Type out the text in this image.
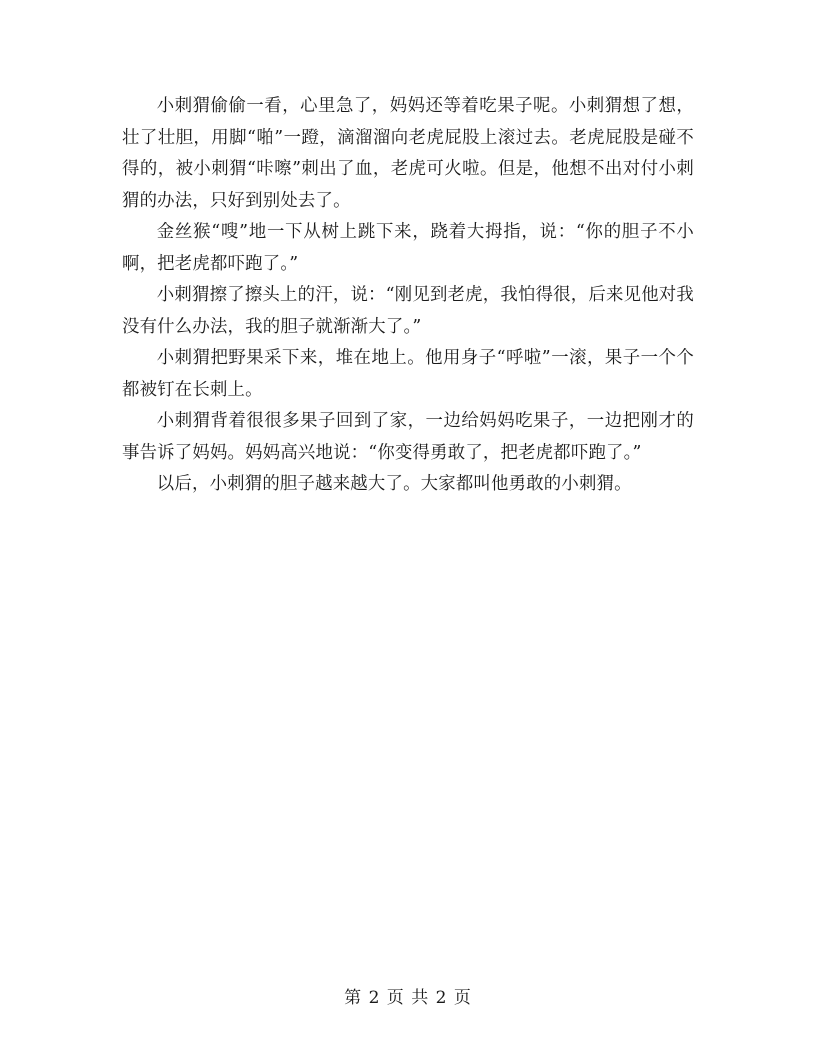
小刺猬偷偷一看，心里急了，妈妈还等着吃果子呢。小刺猬想了想，壮了壮胆，用脚“啪”一蹬，滴溜溜向老虎屁股上滚过去。老虎屁股是碰不得的，被小刺猬“咔嚓”刺出了血，老虎可火啦。但是，他想不出对付小刺猬的办法，只好到别处去了。

金丝猴“嗖”地一下从树上跳下来，跷着大拇指，说：“你的胆子不小啊，把老虎都吓跑了。”

小刺猬擦了擦头上的汗，说：“刚见到老虎，我怕得很，后来见他对我没有什么办法，我的胆子就渐渐大了。”

小刺猬把野果采下来，堆在地上。他用身子“呼啦”一滚，果子一个个都被钉在长刺上。

小刺猬背着很很多果子回到了家，一边给妈妈吃果子，一边把刚才的事告诉了妈妈。妈妈高兴地说：“你变得勇敢了，把老虎都吓跑了。”

以后，小刺猬的胆子越来越大了。大家都叫他勇敢的小刺猬。

第 2 页 共 2 页
